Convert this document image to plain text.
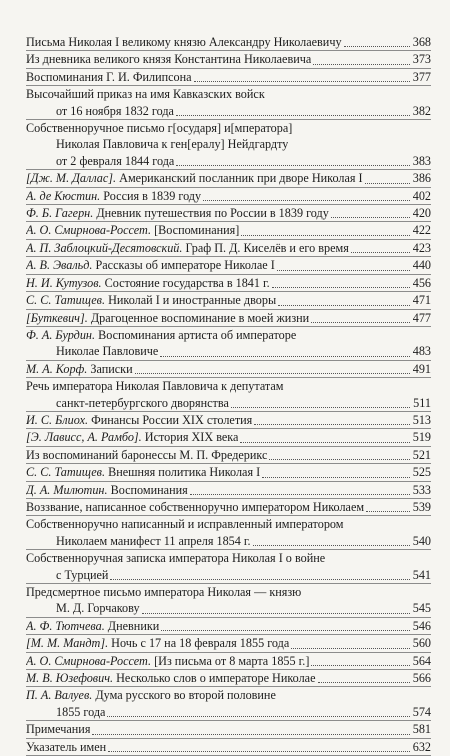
Письма Николая I великому князю Александру Николаевичу	368
Из дневника великого князя Константина Николаевича	373
Воспоминания Г. И. Филипсона	377
Высочайший приказ на имя Кавказских войск
от 16 ноября 1832 года	382
Собственноручное письмо г[осударя] и[мператора]
Николая Павловича к ген[ералу] Нейдгардту
от 2 февраля 1844 года	383
[Дж. М. Даллас]. Американский посланник при дворе Николая I	386
А. де Кюстин. Россия в 1839 году	402
Ф. Б. Гагерн. Дневник путешествия по России в 1839 году	420
А. О. Смирнова-Россет. [Воспоминания]	422
А. П. Заблоцкий-Десятовский. Граф П. Д. Киселёв и его время	423
А. В. Эвальд. Рассказы об императоре Николае I	440
Н. И. Кутузов. Состояние государства в 1841 г.	456
С. С. Татищев. Николай I и иностранные дворы	471
[Буткевич]. Драгоценное воспоминание в моей жизни	477
Ф. А. Бурдин. Воспоминания артиста об императоре
Николае Павловиче	483
М. А. Корф. Записки	491
Речь императора Николая Павловича к депутатам
санкт-петербургского дворянства	511
И. С. Блиох. Финансы России XIX столетия	513
[Э. Лависс, А. Рамбо]. История XIX века	519
Из воспоминаний баронессы М. П. Фредерикс	521
С. С. Татищев. Внешняя политика Николая I	525
Д. А. Милютин. Воспоминания	533
Воззвание, написанное собственноручно императором Николаем	539
Собственноручно написанный и исправленный императором
Николаем манифест 11 апреля 1854 г.	540
Собственноручная записка императора Николая I о войне
с Турцией	541
Предсмертное письмо императора Николая — князю
М. Д. Горчакову	545
А. Ф. Тютчева. Дневники	546
[М. М. Мандт]. Ночь с 17 на 18 февраля 1855 года	560
А. О. Смирнова-Россет. [Из письма от 8 марта 1855 г.]	564
М. В. Юзефович. Несколько слов о императоре Николае	566
П. А. Валуев. Дума русского во второй половине
1855 года	574
Примечания	581
Указатель имен	632
